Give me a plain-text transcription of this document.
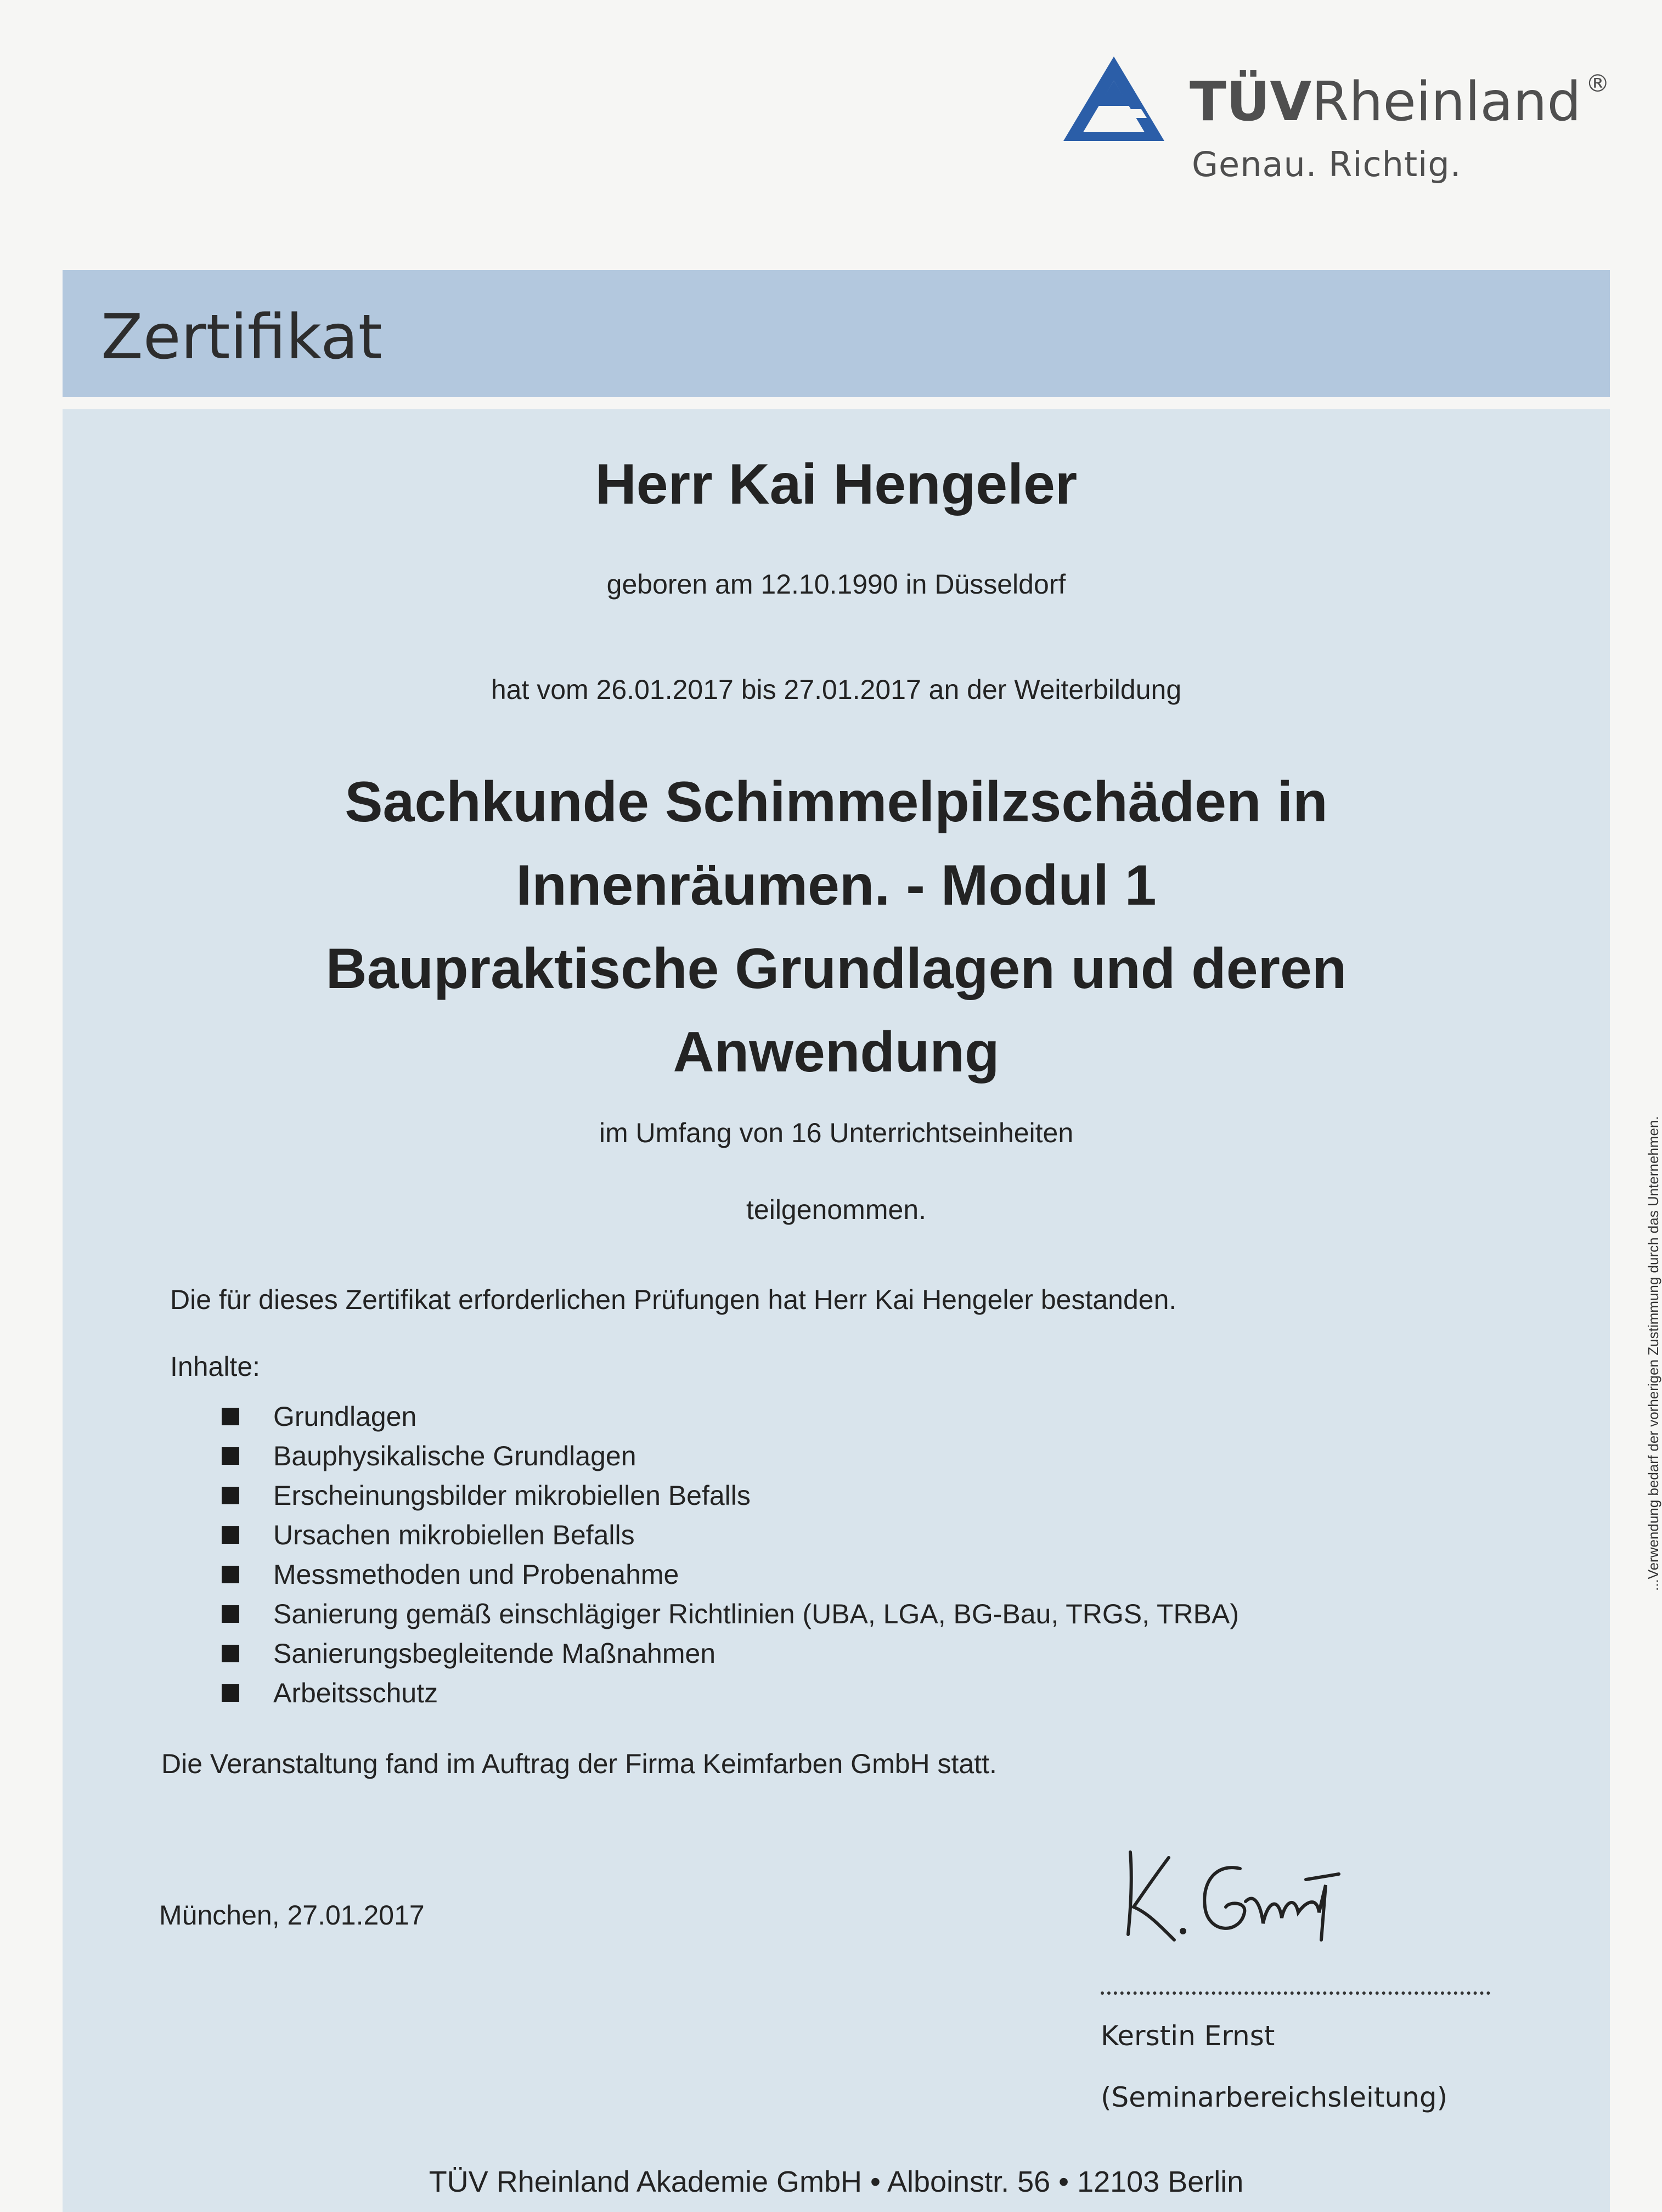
TÜVRheinland ®
Genau. Richtig.
Zertifikat
Herr Kai Hengeler
geboren am 12.10.1990 in Düsseldorf
hat vom 26.01.2017 bis 27.01.2017 an der Weiterbildung
Sachkunde Schimmelpilzschäden in
Innenräumen. - Modul 1
Baupraktische Grundlagen und deren
Anwendung
im Umfang von 16 Unterrichtseinheiten
teilgenommen.
Die für dieses Zertifikat erforderlichen Prüfungen hat Herr Kai Hengeler bestanden.
Inhalte:
Grundlagen
Bauphysikalische Grundlagen
Erscheinungsbilder mikrobiellen Befalls
Ursachen mikrobiellen Befalls
Messmethoden und Probenahme
Sanierung gemäß einschlägiger Richtlinien (UBA, LGA, BG-Bau, TRGS, TRBA)
Sanierungsbegleitende Maßnahmen
Arbeitsschutz
Die Veranstaltung fand im Auftrag der Firma Keimfarben GmbH statt.
München, 27.01.2017
Kerstin Ernst
(Seminarbereichsleitung)
TÜV Rheinland Akademie GmbH • Alboinstr. 56 • 12103 Berlin
...Verwendung bedarf der vorherigen Zustimmung durch das Unternehmen.
